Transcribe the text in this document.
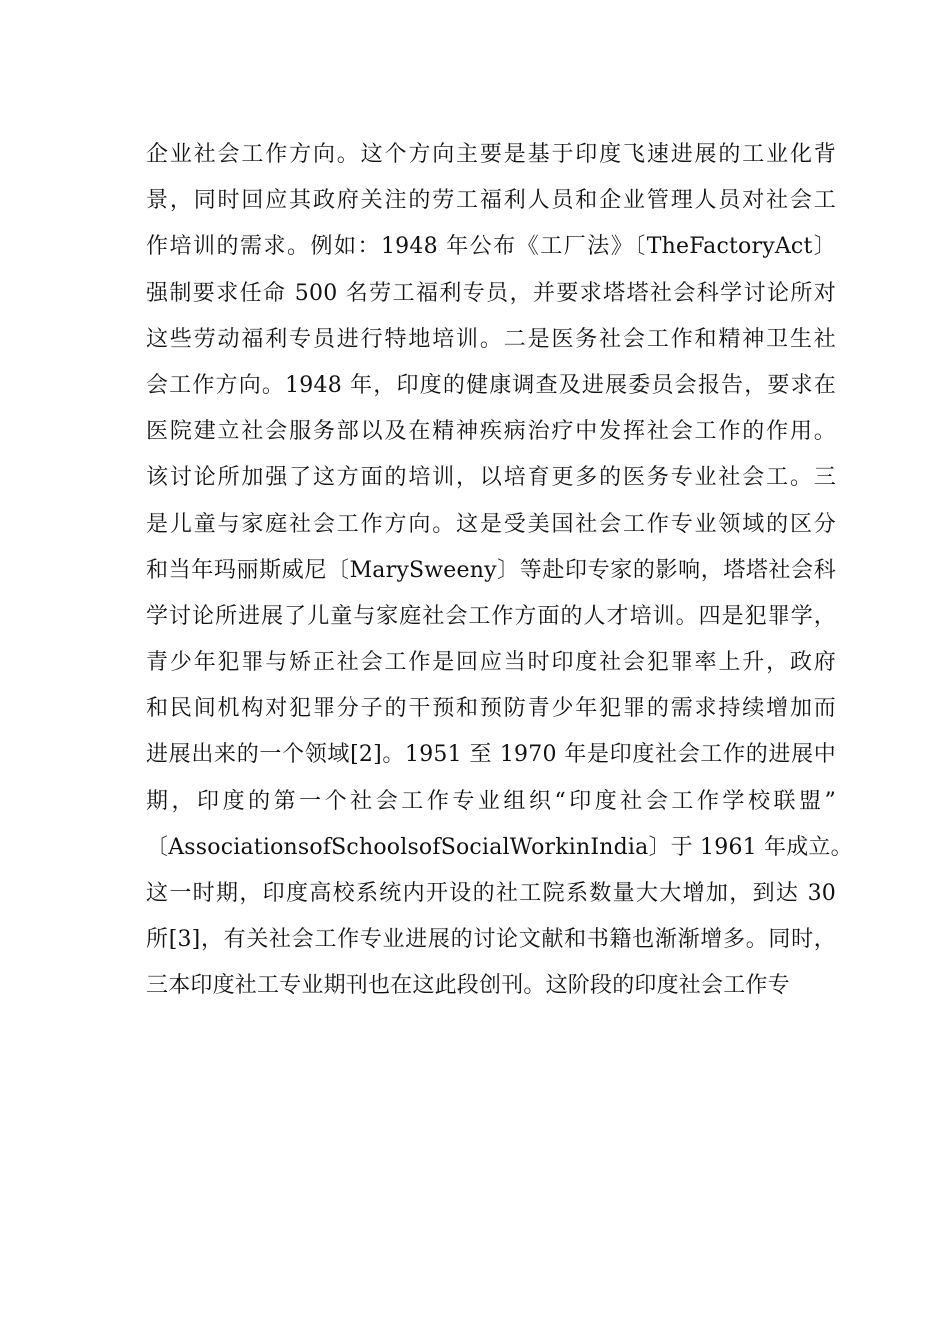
企业社会工作方向。这个方向主要是基于印度飞速进展的工业化背
景，同时回应其政府关注的劳工福利人员和企业管理人员对社会工
作培训的需求。例如：1948 年公布《工厂法》〔TheFactoryAct〕
强制要求任命 500 名劳工福利专员，并要求塔塔社会科学讨论所对
这些劳动福利专员进行特地培训。二是医务社会工作和精神卫生社
会工作方向。1948 年，印度的健康调查及进展委员会报告，要求在
医院建立社会服务部以及在精神疾病治疗中发挥社会工作的作用。
该讨论所加强了这方面的培训，以培育更多的医务专业社会工。三
是儿童与家庭社会工作方向。这是受美国社会工作专业领域的区分
和当年玛丽斯威尼〔MarySweeny〕等赴印专家的影响，塔塔社会科
学讨论所进展了儿童与家庭社会工作方面的人才培训。四是犯罪学，
青少年犯罪与矫正社会工作是回应当时印度社会犯罪率上升，政府
和民间机构对犯罪分子的干预和预防青少年犯罪的需求持续增加而
进展出来的一个领域[2]。1951 至 1970 年是印度社会工作的进展中
期，印度的第一个社会工作专业组织“印度社会工作学校联盟”
〔AssociationsofSchoolsofSocialWorkinIndia〕于 1961 年成立。
这一时期，印度高校系统内开设的社工院系数量大大增加，到达 30
所[3]，有关社会工作专业进展的讨论文献和书籍也渐渐增多。同时，
三本印度社工专业期刊也在这此段创刊。这阶段的印度社会工作专
